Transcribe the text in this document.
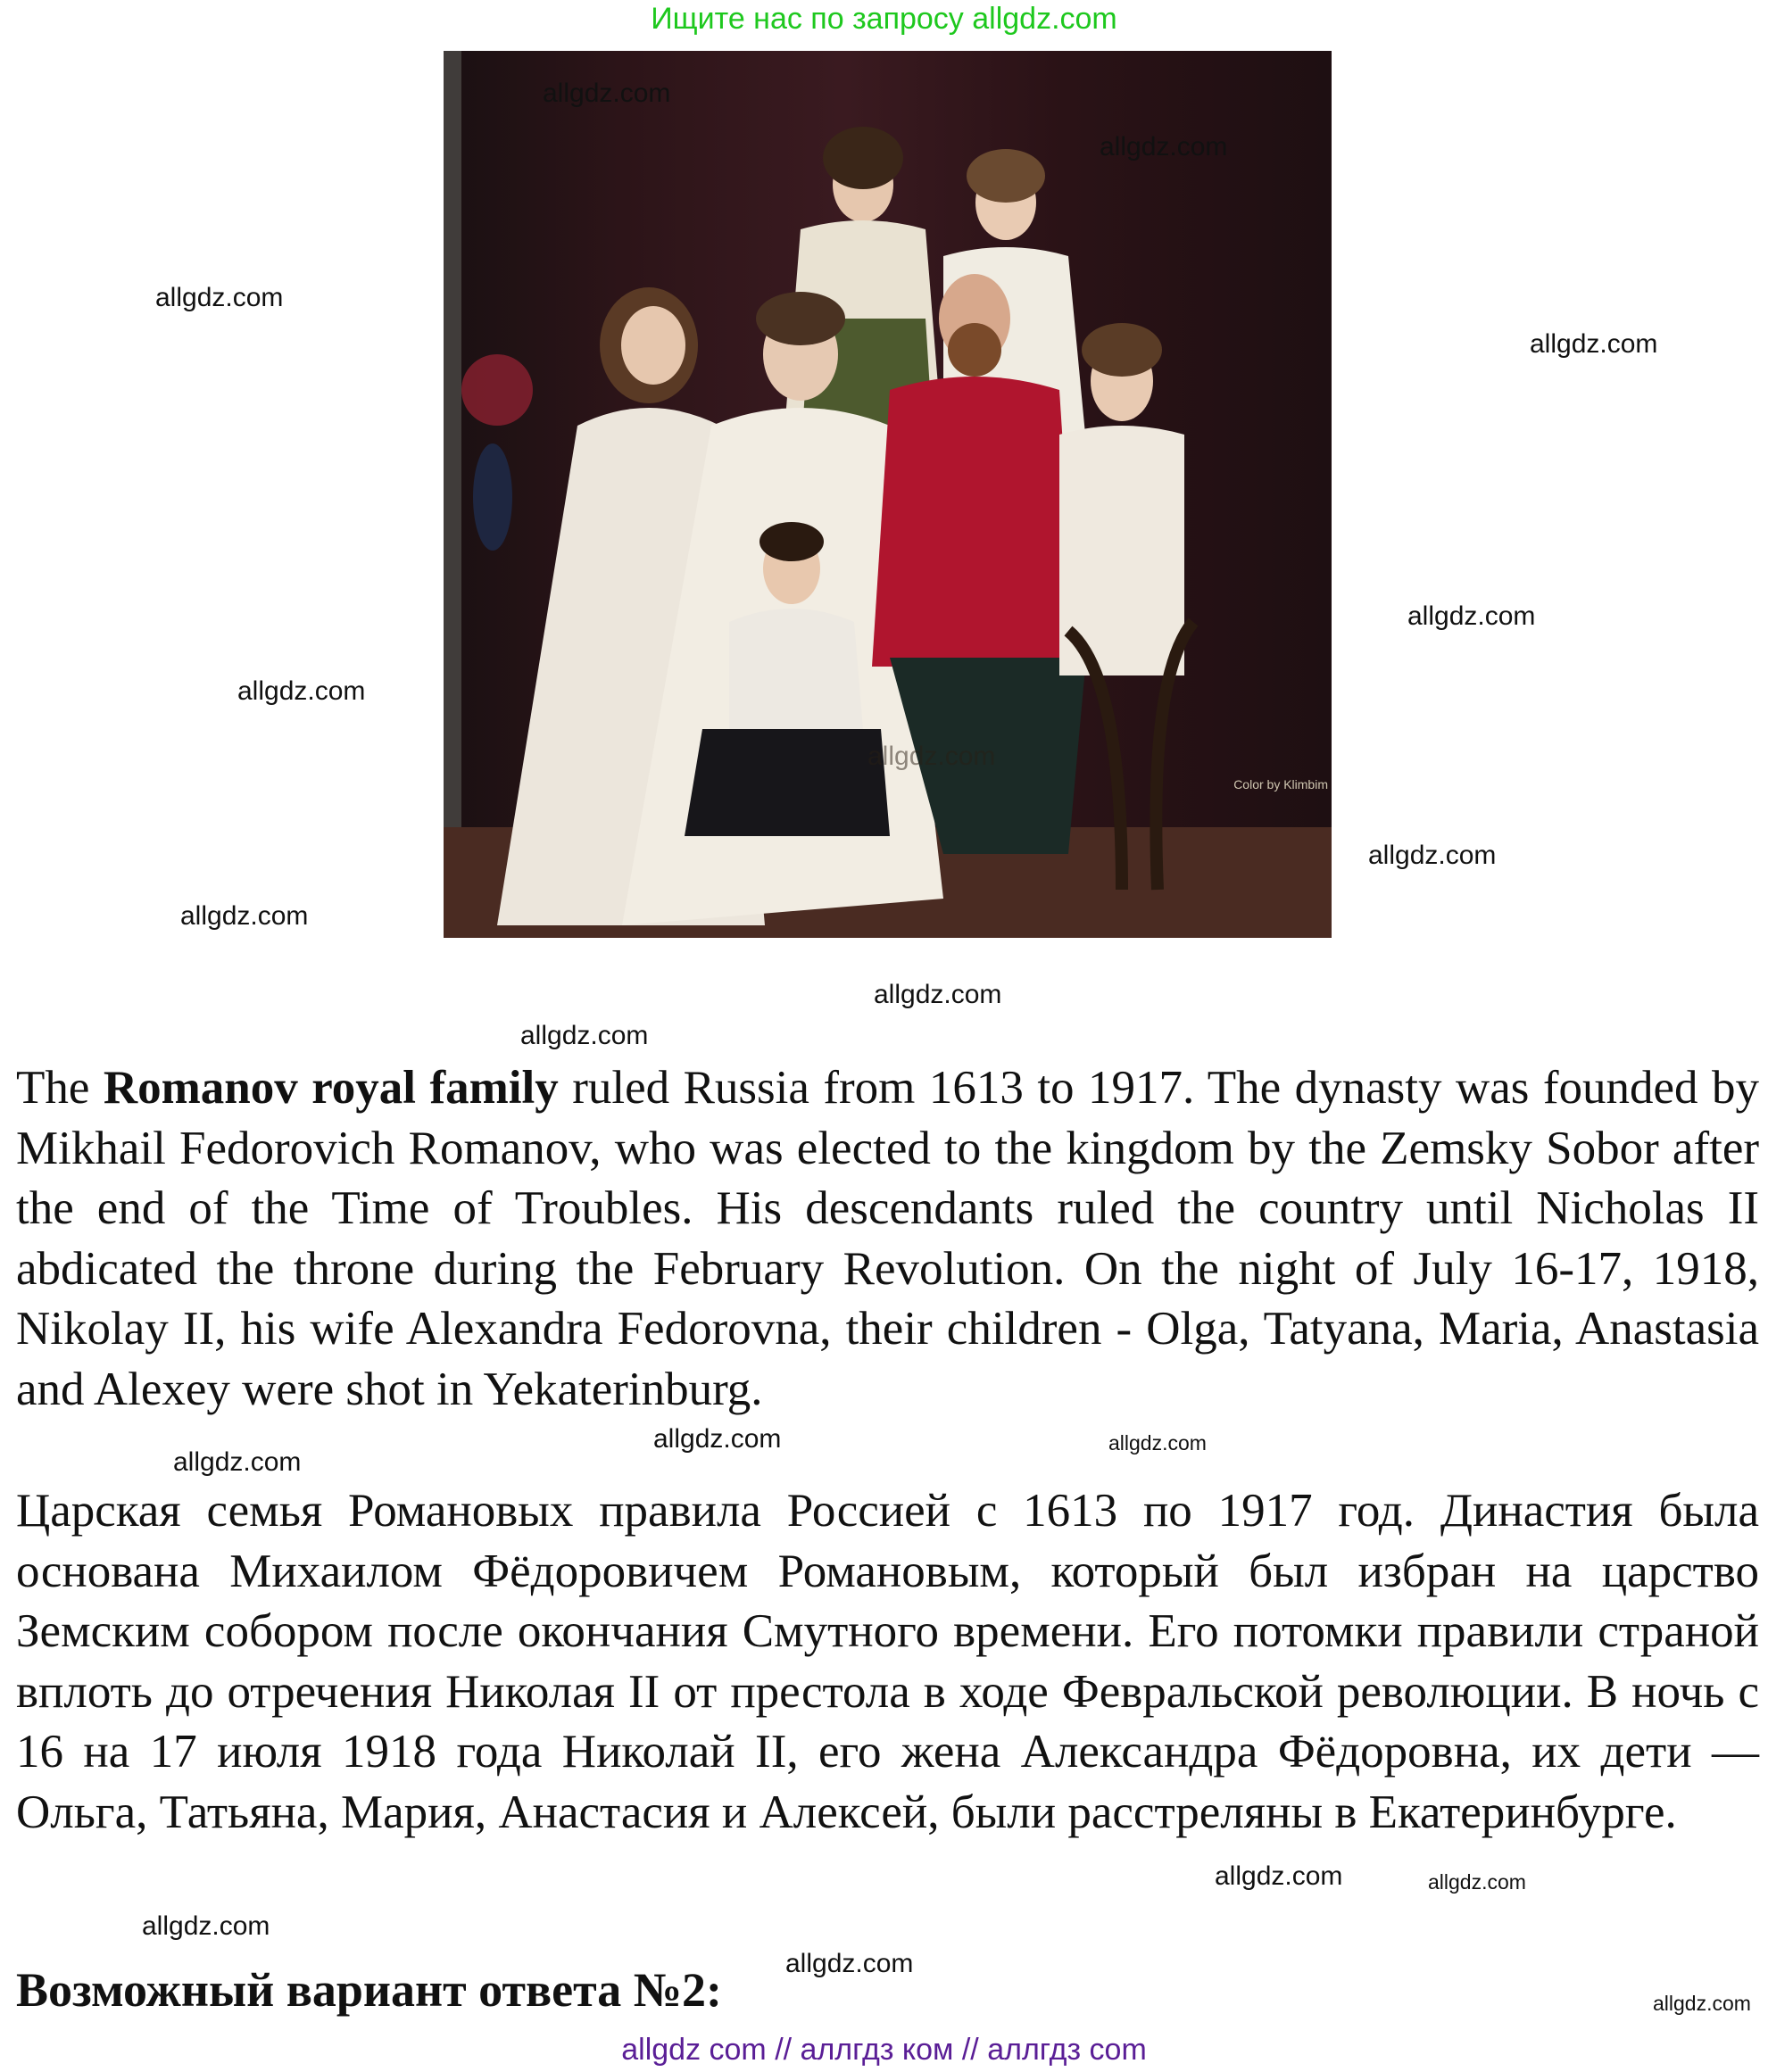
Ищите нас по запросу allgdz.com
Color by Klimbim

The Romanov royal family ruled Russia from 1613 to 1917. The dynasty was founded by Mikhail Fedorovich Romanov, who was elected to the kingdom by the Zemsky Sobor after the end of the Time of Troubles. His descendants ruled the country until Nicholas II abdicated the throne during the February Revolution. On the night of July 16-17, 1918, Nikolay II, his wife Alexandra Fedorovna, their children - Olga, Tatyana, Maria, Anastasia and Alexey were shot in Yekaterinburg.

Царская семья Романовых правила Россией с 1613 по 1917 год. Династия была основана Михаилом Фёдоровичем Романовым, который был избран на царство Земским собором после окончания Смутного времени. Его потомки правили страной вплоть до отречения Николая II от престола в ходе Февральской революции. В ночь с 16 на 17 июля 1918 года Николай II, его жена Александра Фёдоровна, их дети — Ольга, Татьяна, Мария, Анастасия и Алексей, были расстреляны в Екатеринбурге.

Возможный вариант ответа №2:
allgdz com // аллгдз ком // аллгдз com
allgdz.com
allgdz.com
allgdz.com
allgdz.com
allgdz.com
allgdz.com
allgdz.com
allgdz.com
allgdz.com
allgdz.com
allgdz.com
allgdz.com
allgdz.com
allgdz.com
allgdz.com
allgdz.com
allgdz.com
allgdz.com
allgdz.com
